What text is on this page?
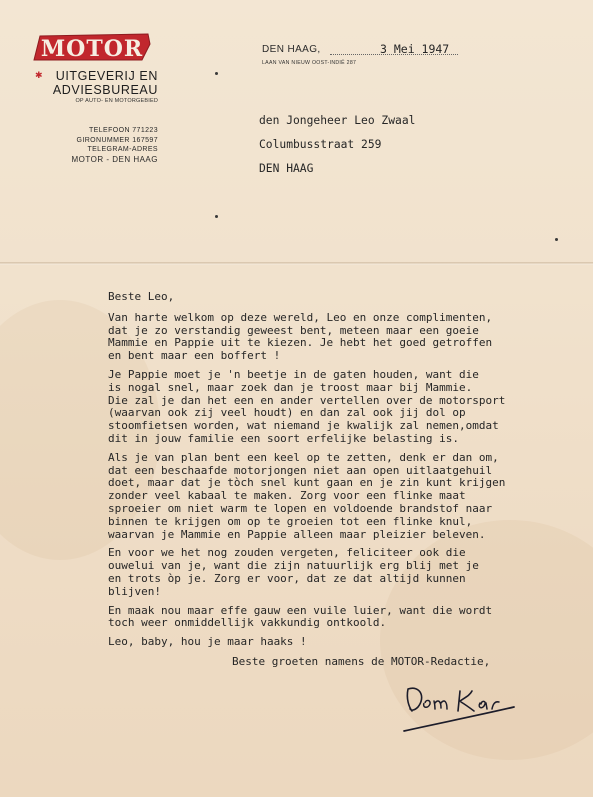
MOTOR
✱	UITGEVERIJ EN
ADVIESBUREAU
OP AUTO- EN MOTORGEBIED
TELEFOON 771223
GIRONUMMER 167597
TELEGRAM-ADRES
MOTOR - DEN HAAG
DEN HAAG,	3 Mei 1947
LAAN VAN NIEUW OOST-INDIË 287
den Jongeheer Leo Zwaal
Columbusstraat 259
DEN HAAG
Beste Leo,
Van harte welkom op deze wereld, Leo en onze complimenten,
dat je zo verstandig geweest bent, meteen maar een goeie
Mammie en Pappie uit te kiezen. Je hebt het goed getroffen
en bent maar een boffert !
Je Pappie moet je 'n beetje in de gaten houden, want die
is nogal snel, maar zoek dan je troost maar bij Mammie.
Die zal je dan het een en ander vertellen over de motorsport
(waarvan ook zij veel houdt) en dan zal ook jij dol op
stoomfietsen worden, wat niemand je kwalijk zal nemen,omdat
dit in jouw familie een soort erfelijke belasting is.
Als je van plan bent een keel op te zetten, denk er dan om,
dat een beschaafde motorjongen niet aan open uitlaatgehuil
doet, maar dat je tòch snel kunt gaan en je zin kunt krijgen
zonder veel kabaal te maken. Zorg voor een flinke maat
sproeier om niet warm te lopen en voldoende brandstof naar
binnen te krijgen om op te groeien tot een flinke knul,
waarvan je Mammie en Pappie alleen maar pleizier beleven.
En voor we het nog zouden vergeten, feliciteer ook die
ouwelui van je, want die zijn natuurlijk erg blij met je
en trots òp je. Zorg er voor, dat ze dat altijd kunnen
blijven!
En maak nou maar effe gauw een vuile luier, want die wordt
toch weer onmiddellijk vakkundig ontkoold.
Leo, baby, hou je maar haaks !
Beste groeten namens de MOTOR-Redactie,
